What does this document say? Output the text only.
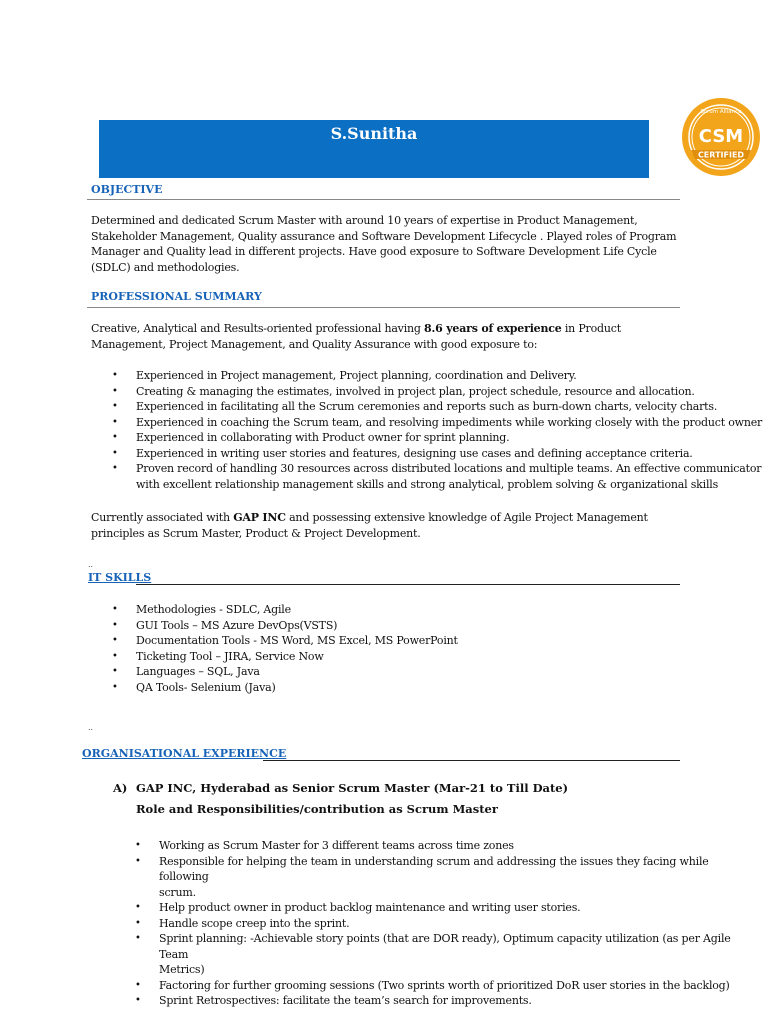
S.Sunitha
Scrum Alliance
CSM
CERTIFIED
OBJECTIVE
Determined and dedicated Scrum Master with around 10 years of expertise in Product Management,
Stakeholder Management, Quality assurance and Software Development Lifecycle . Played roles of Program
Manager and Quality lead in different projects. Have good exposure to Software Development Life Cycle
(SDLC) and methodologies.
PROFESSIONAL SUMMARY
Creative, Analytical and Results-oriented professional having 8.6 years of experience in Product
Management, Project Management, and Quality Assurance with good exposure to:
• Experienced in Project management, Project planning, coordination and Delivery.
• Creating & managing the estimates, involved in project plan, project schedule, resource and allocation.
• Experienced in facilitating all the Scrum ceremonies and reports such as burn-down charts, velocity charts.
• Experienced in coaching the Scrum team, and resolving impediments while working closely with the product owner
• Experienced in collaborating with Product owner for sprint planning.
• Experienced in writing user stories and features, designing use cases and defining acceptance criteria.
• Proven record of handling 30 resources across distributed locations and multiple teams. An effective communicator
with excellent relationship management skills and strong analytical, problem solving & organizational skills
Currently associated with GAP INC and possessing extensive knowledge of Agile Project Management
principles as Scrum Master, Product & Project Development.
..
IT SKILLS
• Methodologies - SDLC, Agile
• GUI Tools – MS Azure DevOps(VSTS)
• Documentation Tools - MS Word, MS Excel, MS PowerPoint
• Ticketing Tool – JIRA, Service Now
• Languages – SQL, Java
• QA Tools- Selenium (Java)
..
ORGANISATIONAL EXPERIENCE
A) GAP INC, Hyderabad as Senior Scrum Master (Mar-21 to Till Date)
Role and Responsibilities/contribution as Scrum Master
• Working as Scrum Master for 3 different teams across time zones
• Responsible for helping the team in understanding scrum and addressing the issues they facing while following
scrum.
• Help product owner in product backlog maintenance and writing user stories.
• Handle scope creep into the sprint.
• Sprint planning: -Achievable story points (that are DOR ready), Optimum capacity utilization (as per Agile Team
Metrics)
• Factoring for further grooming sessions (Two sprints worth of prioritized DoR user stories in the backlog)
• Sprint Retrospectives: facilitate the team’s search for improvements.
